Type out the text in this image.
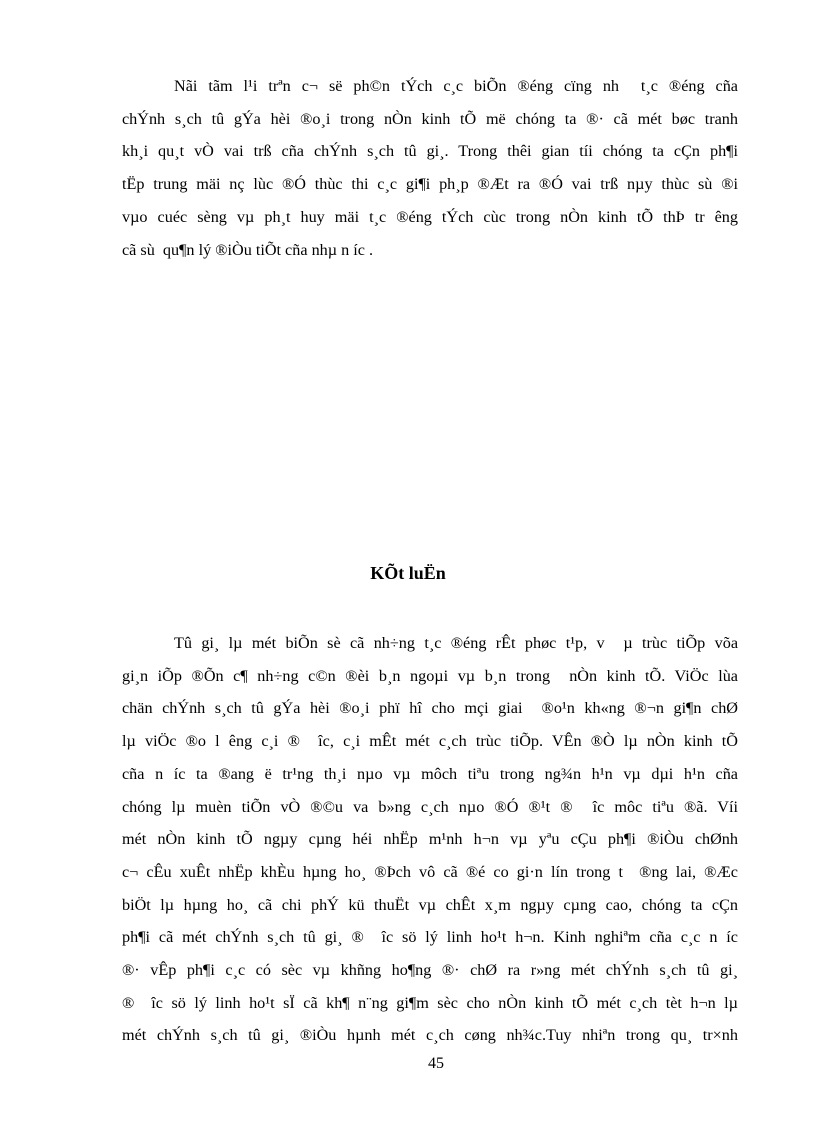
Nãi tãm l¹i trªn c¬ së ph©n tÝch c¸c biÕn ®éng cïng nh  t¸c ®éng cña
chÝnh s¸ch tû gÝa hèi ®o¸i trong nÒn kinh tÕ më chóng ta ®· cã mét bøc tranh
kh¸i qu¸t vÒ vai trß cña chÝnh s¸ch tû gi¸. Trong thêi gian tíi chóng ta cÇn ph¶i
tËp trung mäi nç lùc ®Ó thùc thi c¸c gi¶i ph¸p ®Æt ra ®Ó vai trß nµy thùc sù ®i
vµo cuéc sèng vµ ph¸t huy mäi t¸c ®éng tÝch cùc trong nÒn kinh tÕ thÞ tr êng
cã sù  qu¶n lý ®iÒu tiÕt cña nhµ n íc .
KÕt luËn
Tû gi¸ lµ mét biÕn sè cã nh÷ng t¸c ®éng rÊt phøc t¹p, v  µ trùc tiÕp võa
gi¸n iÕp ®Õn c¶ nh÷ng c©n ®èi b¸n ngoµi vµ b¸n trong  nÒn kinh tÕ. ViÖc lùa
chän chÝnh s¸ch tû gÝa hèi ®o¸i phï hî cho mçi giai  ®o¹n kh«ng ®¬n gi¶n chØ
lµ viÖc ®o l êng c¸i ®  îc, c¸i mÊt mét c¸ch trùc tiÕp. VÊn ®Ò lµ nÒn kinh tÕ
cña n íc ta ®ang ë tr¹ng th¸i nµo vµ môch tiªu trong ng¾n h¹n vµ dµi h¹n cña
chóng lµ muèn tiÕn vÒ ®©u va b»ng c¸ch nµo ®Ó ®¹t ®  îc môc tiªu ®ã. Víi
mét nÒn kinh tÕ ngµy cµng héi nhËp m¹nh h¬n vµ yªu cÇu ph¶i ®iÒu chØnh
c¬ cÊu xuÊt nhËp khÈu hµng ho¸ ®Þch vô cã ®é co gi·n lín trong t  ®ng lai, ®Æc
biÖt lµ hµng ho¸ cã chi phÝ kü thuËt vµ chÊt x¸m ngµy cµng cao, chóng ta cÇn
ph¶i cã mét chÝnh s¸ch tû gi¸ ®  îc sö lý linh ho¹t h¬n. Kinh nghiªm cña c¸c n íc
®· vÊp ph¶i c¸c có sèc vµ khñng ho¶ng ®· chØ ra r»ng mét chÝnh s¸ch tû gi¸
®  îc sö lý linh ho¹t sÏ cã kh¶ n¨ng gi¶m sèc cho nÒn kinh tÕ mét c¸ch tèt h¬n lµ
mét chÝnh s¸ch tû gi¸ ®iÒu hµnh mét c¸ch cøng nh¾c.Tuy nhiªn trong qu¸ tr×nh

45
